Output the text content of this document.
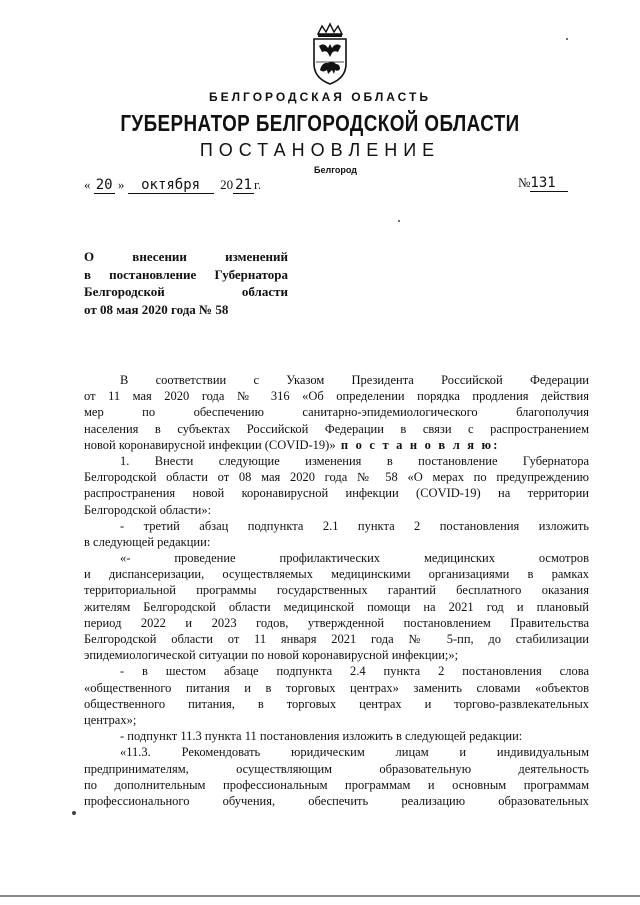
БЕЛГОРОДСКАЯ ОБЛАСТЬ
ГУБЕРНАТОР БЕЛГОРОДСКОЙ ОБЛАСТИ
ПОСТАНОВЛЕНИЕ
Белгород
« 20 » октября 20 21 г.	№131
О внесении изменений
в постановление Губернатора
Белгородской области
от 08 мая 2020 года № 58
В соответствии с Указом Президента Российской Федерации
от 11 мая 2020 года № 316 «Об определении порядка продления действия
мер по обеспечению санитарно-эпидемиологического благополучия
населения в субъектах Российской Федерации в связи с распространением
новой коронавирусной инфекции (COVID-19)» п о с т а н о в л я ю:
1. Внести следующие изменения в постановление Губернатора
Белгородской области от 08 мая 2020 года № 58 «О мерах по предупреждению
распространения новой коронавирусной инфекции (COVID-19) на территории
Белгородской области»:
- третий абзац подпункта 2.1 пункта 2 постановления изложить
в следующей редакции:
«- проведение профилактических медицинских осмотров
и диспансеризации, осуществляемых медицинскими организациями в рамках
территориальной программы государственных гарантий бесплатного оказания
жителям Белгородской области медицинской помощи на 2021 год и плановый
период 2022 и 2023 годов, утвержденной постановлением Правительства
Белгородской области от 11 января 2021 года № 5-пп, до стабилизации
эпидемиологической ситуации по новой коронавирусной инфекции;»;
- в шестом абзаце подпункта 2.4 пункта 2 постановления слова
«общественного питания и в торговых центрах» заменить словами «объектов
общественного питания, в торговых центрах и торгово-развлекательных
центрах»;
- подпункт 11.3 пункта 11 постановления изложить в следующей редакции:
«11.3. Рекомендовать юридическим лицам и индивидуальным
предпринимателям, осуществляющим образовательную деятельность
по дополнительным профессиональным программам и основным программам
профессионального обучения, обеспечить реализацию образовательных
